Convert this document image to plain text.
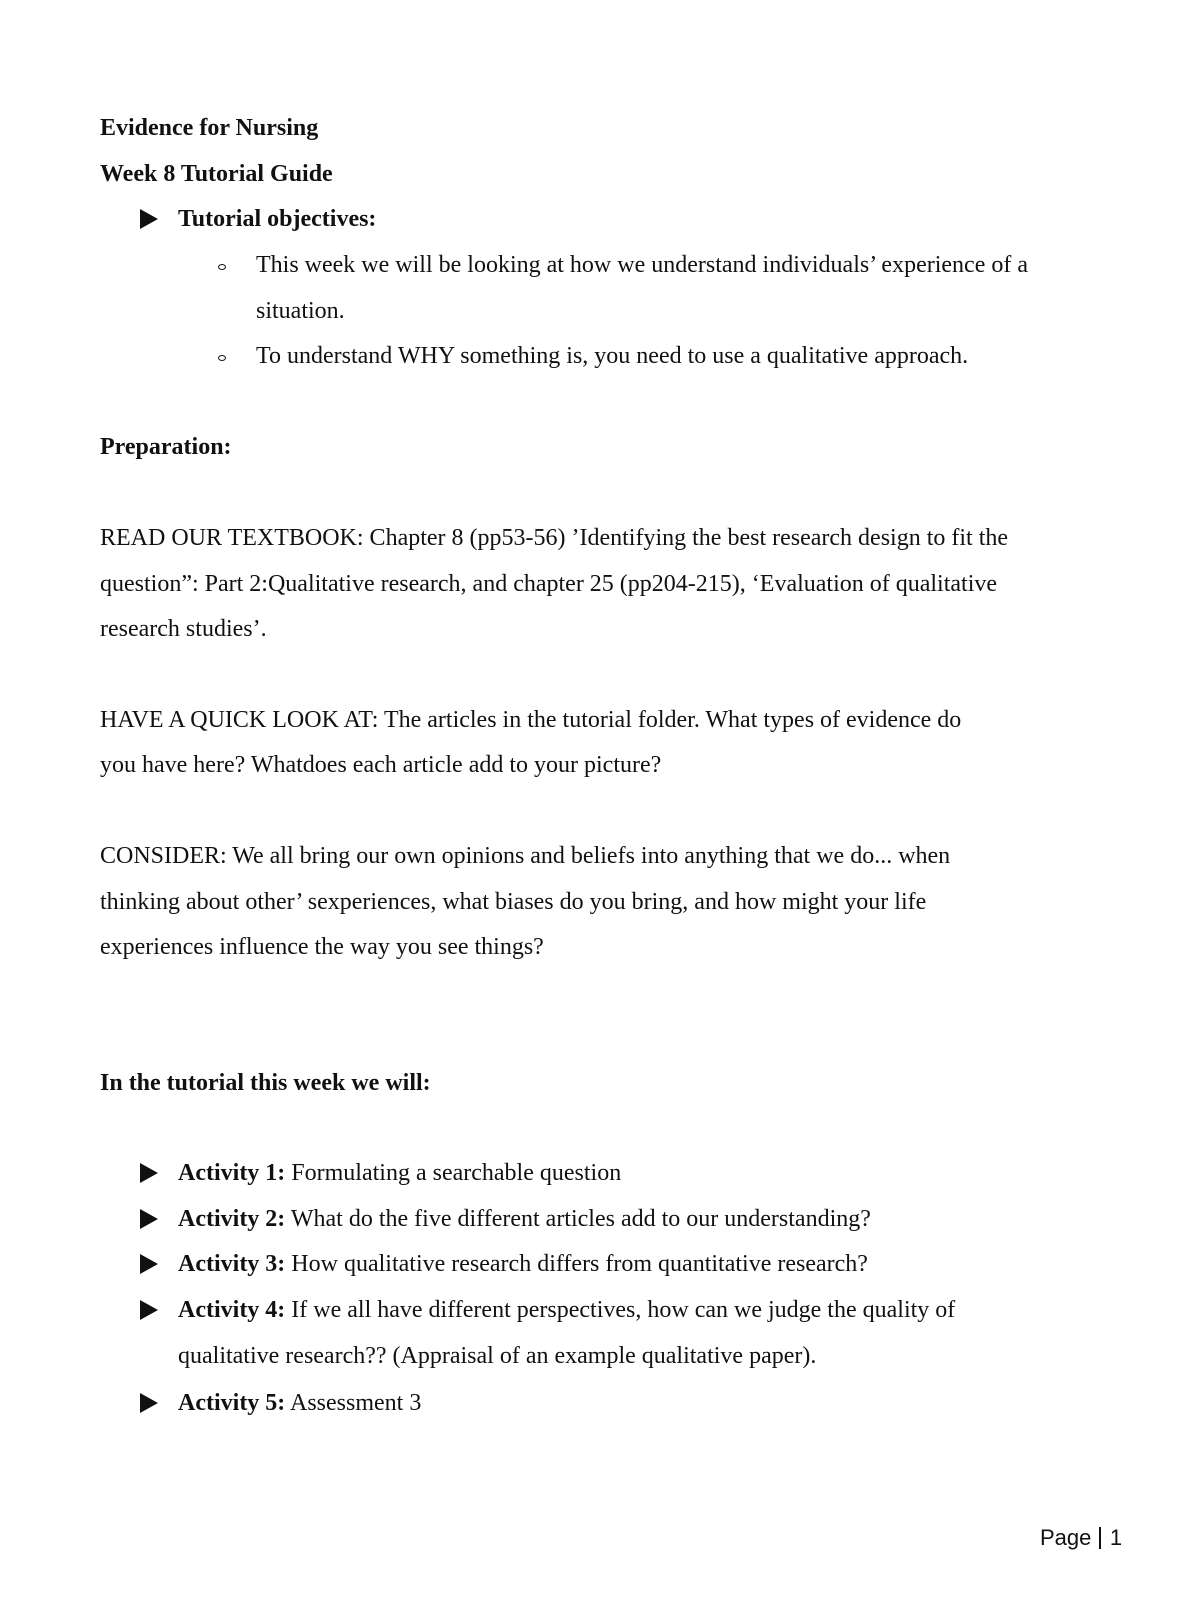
Evidence for Nursing
Week 8 Tutorial Guide
Tutorial objectives:
This week we will be looking at how we understand individuals’ experience of a
situation.
To understand WHY something is, you need to use a qualitative approach.
Preparation:
READ OUR TEXTBOOK: Chapter 8 (pp53-56) ’Identifying the best research design to fit the
question”: Part 2:Qualitative research, and chapter 25 (pp204-215), ‘Evaluation of qualitative
research studies’.
HAVE A QUICK LOOK AT: The articles in the tutorial folder. What types of evidence do
you have here? Whatdoes each article add to your picture?
CONSIDER: We all bring our own opinions and beliefs into anything that we do... when
thinking about other’ sexperiences, what biases do you bring, and how might your life
experiences influence the way you see things?
In the tutorial this week we will:
Activity 1: Formulating a searchable question
Activity 2: What do the five different articles add to our understanding?
Activity 3: How qualitative research differs from quantitative research?
Activity 4: If we all have different perspectives, how can we judge the quality of
qualitative research?? (Appraisal of an example qualitative paper).
Activity 5: Assessment 3
Page 1
